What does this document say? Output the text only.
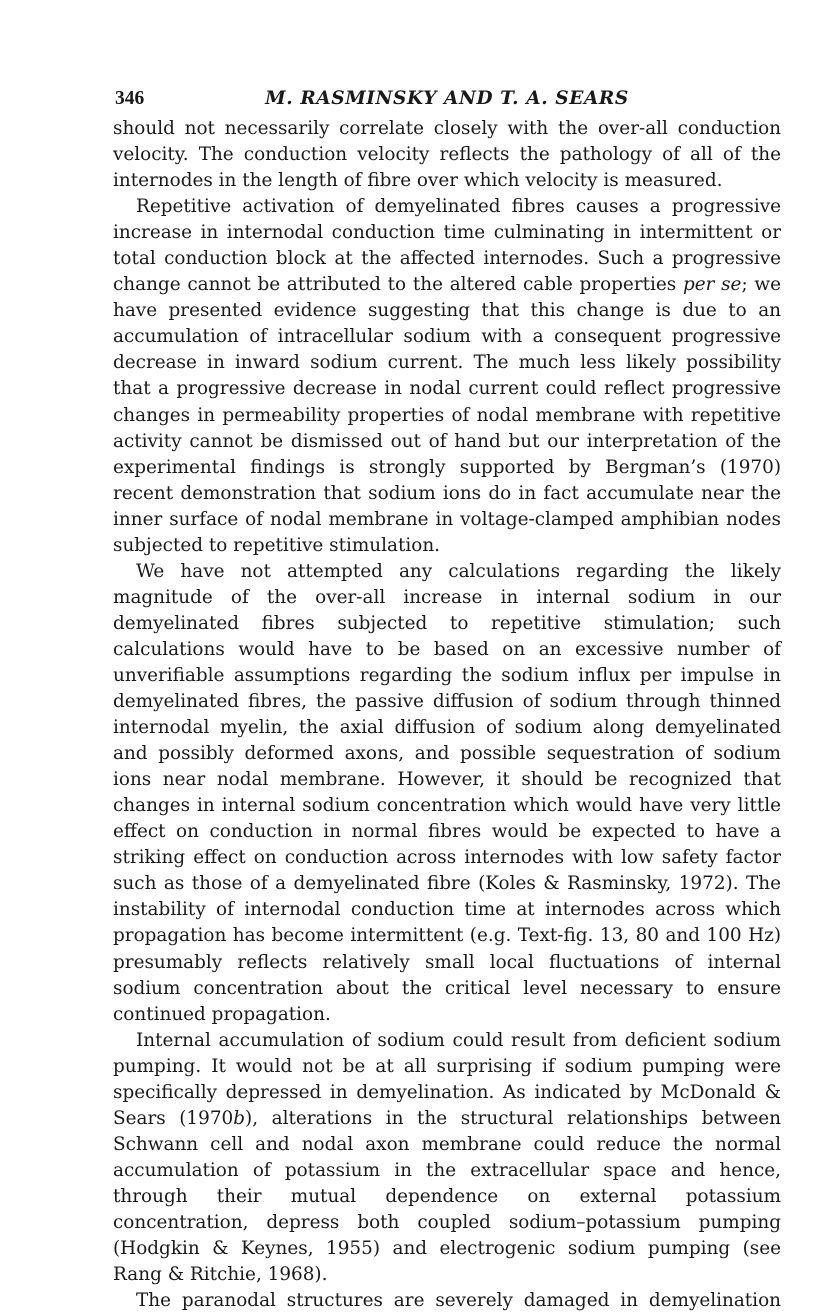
346	M. RASMINSKY AND T. A. SEARS

should not necessarily correlate closely with the over-all conduction velocity. The conduction velocity reflects the pathology of all of the internodes in the length of fibre over which velocity is measured.

Repetitive activation of demyelinated fibres causes a progressive increase in internodal conduction time culminating in intermittent or total conduction block at the affected internodes. Such a progressive change cannot be attributed to the altered cable properties per se; we have presented evidence suggesting that this change is due to an accumulation of intracellular sodium with a consequent progressive decrease in inward sodium current. The much less likely possibility that a progressive decrease in nodal current could reflect progressive changes in permeability properties of nodal membrane with repetitive activity cannot be dismissed out of hand but our interpretation of the experimental findings is strongly supported by Bergman’s (1970) recent demonstration that sodium ions do in fact accumulate near the inner surface of nodal membrane in voltage-clamped amphibian nodes subjected to repetitive stimulation.

We have not attempted any calculations regarding the likely magnitude of the over-all increase in internal sodium in our demyelinated fibres subjected to repetitive stimulation; such calculations would have to be based on an excessive number of unverifiable assumptions regarding the sodium influx per impulse in demyelinated fibres, the passive diffusion of sodium through thinned internodal myelin, the axial diffusion of sodium along demyelinated and possibly deformed axons, and possible sequestration of sodium ions near nodal membrane. However, it should be recognized that changes in internal sodium concentration which would have very little effect on conduction in normal fibres would be expected to have a striking effect on conduction across internodes with low safety factor such as those of a demyelinated fibre (Koles & Rasminsky, 1972). The instability of internodal conduction time at internodes across which propagation has become intermittent (e.g. Text-fig. 13, 80 and 100 Hz) presumably reflects relatively small local fluctuations of internal sodium concentration about the critical level necessary to ensure continued propagation.

Internal accumulation of sodium could result from deficient sodium pumping. It would not be at all surprising if sodium pumping were specifically depressed in demyelination. As indicated by McDonald & Sears (1970b), alterations in the structural relationships between Schwann cell and nodal axon membrane could reduce the normal accumulation of potassium in the extracellular space and hence, through their mutual dependence on external potassium concentration, depress both coupled sodium–potassium pumping (Hodgkin & Keynes, 1955) and electrogenic sodium pumping (see Rang & Ritchie, 1968).

The paranodal structures are severely damaged in demyelination
